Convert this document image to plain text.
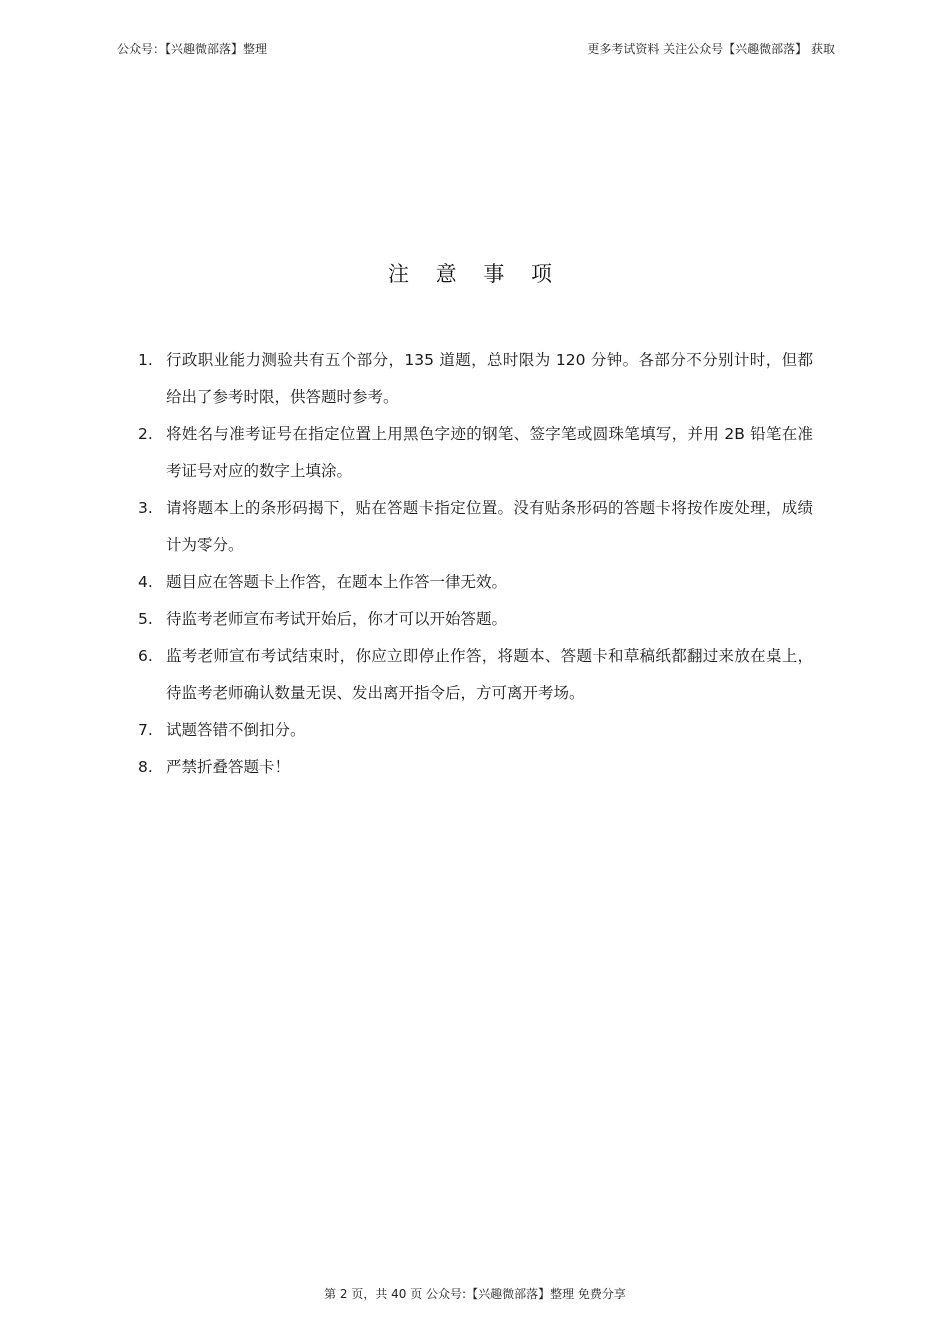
公众号：【兴趣微部落】整理	更多考试资料 关注公众号【兴趣微部落】 获取
注 意 事 项
1. 行政职业能力测验共有五个部分，135 道题，总时限为 120 分钟。各部分不分别计时，但都给出了参考时限，供答题时参考。
2. 将姓名与准考证号在指定位置上用黑色字迹的钢笔、签字笔或圆珠笔填写，并用 2B 铅笔在准考证号对应的数字上填涂。
3. 请将题本上的条形码揭下，贴在答题卡指定位置。没有贴条形码的答题卡将按作废处理，成绩计为零分。
4. 题目应在答题卡上作答，在题本上作答一律无效。
5. 待监考老师宣布考试开始后，你才可以开始答题。
6. 监考老师宣布考试结束时，你应立即停止作答，将题本、答题卡和草稿纸都翻过来放在桌上，待监考老师确认数量无误、发出离开指令后，方可离开考场。
7. 试题答错不倒扣分。
8. 严禁折叠答题卡！
第 2 页，共 40 页 公众号:【兴趣微部落】整理 免费分享
